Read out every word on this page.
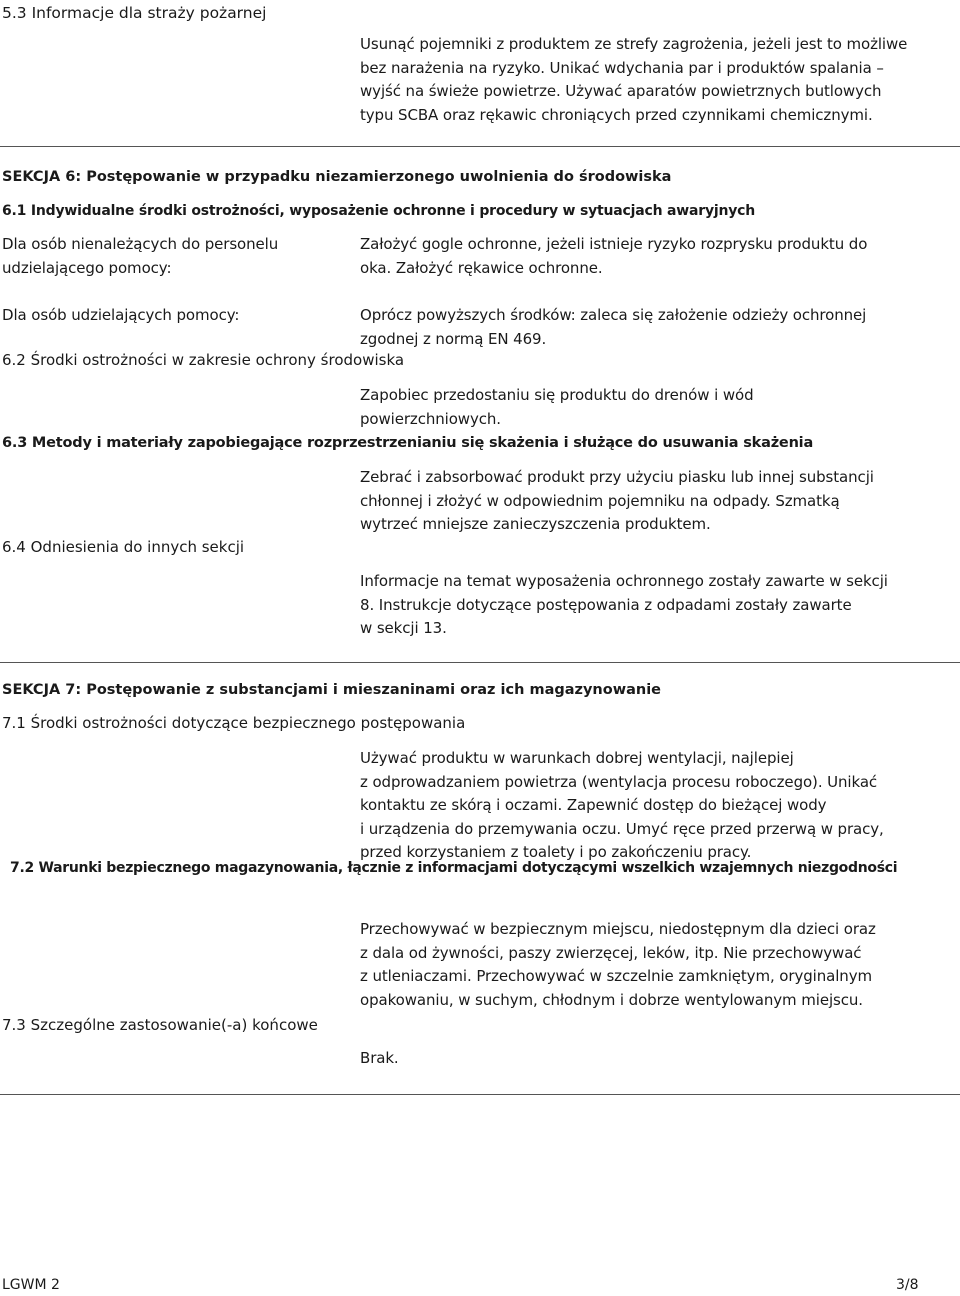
5.3 Informacje dla straży pożarnej
Usunąć pojemniki z produktem ze strefy zagrożenia, jeżeli jest to możliwe
bez narażenia na ryzyko. Unikać wdychania par i produktów spalania –
wyjść na świeże powietrze. Używać aparatów powietrznych butlowych
typu SCBA oraz rękawic chroniących przed czynnikami chemicznymi.
SEKCJA 6: Postępowanie w przypadku niezamierzonego uwolnienia do środowiska
6.1 Indywidualne środki ostrożności, wyposażenie ochronne i procedury w sytuacjach awaryjnych
Dla osób nienależących do personelu
udzielającego pomocy:
Założyć gogle ochronne, jeżeli istnieje ryzyko rozprysku produktu do
oka. Założyć rękawice ochronne.
Dla osób udzielających pomocy:	Oprócz powyższych środków: zaleca się założenie odzieży ochronnej
zgodnej z normą EN 469.
6.2 Środki ostrożności w zakresie ochrony środowiska
Zapobiec przedostaniu się produktu do drenów i wód
powierzchniowych.
6.3 Metody i materiały zapobiegające rozprzestrzenianiu się skażenia i służące do usuwania skażenia
Zebrać i zabsorbować produkt przy użyciu piasku lub innej substancji
chłonnej i złożyć w odpowiednim pojemniku na odpady. Szmatką
wytrzeć mniejsze zanieczyszczenia produktem.
6.4 Odniesienia do innych sekcji
Informacje na temat wyposażenia ochronnego zostały zawarte w sekcji
8. Instrukcje dotyczące postępowania z odpadami zostały zawarte
w sekcji 13.
SEKCJA 7: Postępowanie z substancjami i mieszaninami oraz ich magazynowanie
7.1 Środki ostrożności dotyczące bezpiecznego postępowania
Używać produktu w warunkach dobrej wentylacji, najlepiej
z odprowadzaniem powietrza (wentylacja procesu roboczego). Unikać
kontaktu ze skórą i oczami. Zapewnić dostęp do bieżącej wody
i urządzenia do przemywania oczu. Umyć ręce przed przerwą w pracy,
przed korzystaniem z toalety i po zakończeniu pracy.
7.2 Warunki bezpiecznego magazynowania, łącznie z informacjami dotyczącymi wszelkich wzajemnych niezgodności
Przechowywać w bezpiecznym miejscu, niedostępnym dla dzieci oraz
z dala od żywności, paszy zwierzęcej, leków, itp. Nie przechowywać
z utleniaczami. Przechowywać w szczelnie zamkniętym, oryginalnym
opakowaniu, w suchym, chłodnym i dobrze wentylowanym miejscu.
7.3 Szczególne zastosowanie(-a) końcowe
Brak.
LGWM 2	3/8
